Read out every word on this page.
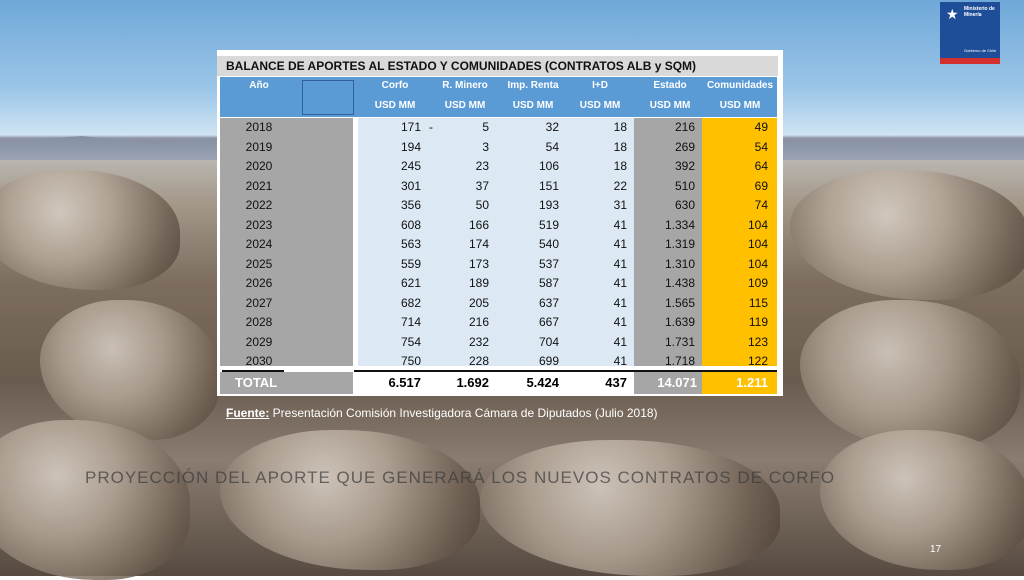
★ Ministerio de
Minería
Gobierno de Chile
BALANCE DE APORTES AL ESTADO Y COMUNIDADES (CONTRATOS ALB y SQM)
Año	Corfo	R. Minero	Imp. Renta	I+D	Estado	Comunidades
USD MM	USD MM	USD MM	USD MM	USD MM	USD MM
2018	171 -	5	32	18	216	49
2019	194	3	54	18	269	54
2020	245	23	106	18	392	64
2021	301	37	151	22	510	69
2022	356	50	193	31	630	74
2023	608	166	519	41	1.334	104
2024	563	174	540	41	1.319	104
2025	559	173	537	41	1.310	104
2026	621	189	587	41	1.438	109
2027	682	205	637	41	1.565	115
2028	714	216	667	41	1.639	119
2029	754	232	704	41	1.731	123
2030	750	228	699	41	1.718	122
TOTAL	6.517	1.692	5.424	437	14.071	1.211
Fuente: Presentación Comisión Investigadora Cámara de Diputados (Julio 2018)
PROYECCIÓN DEL APORTE QUE GENERARÁ LOS NUEVOS CONTRATOS DE CORFO
17
